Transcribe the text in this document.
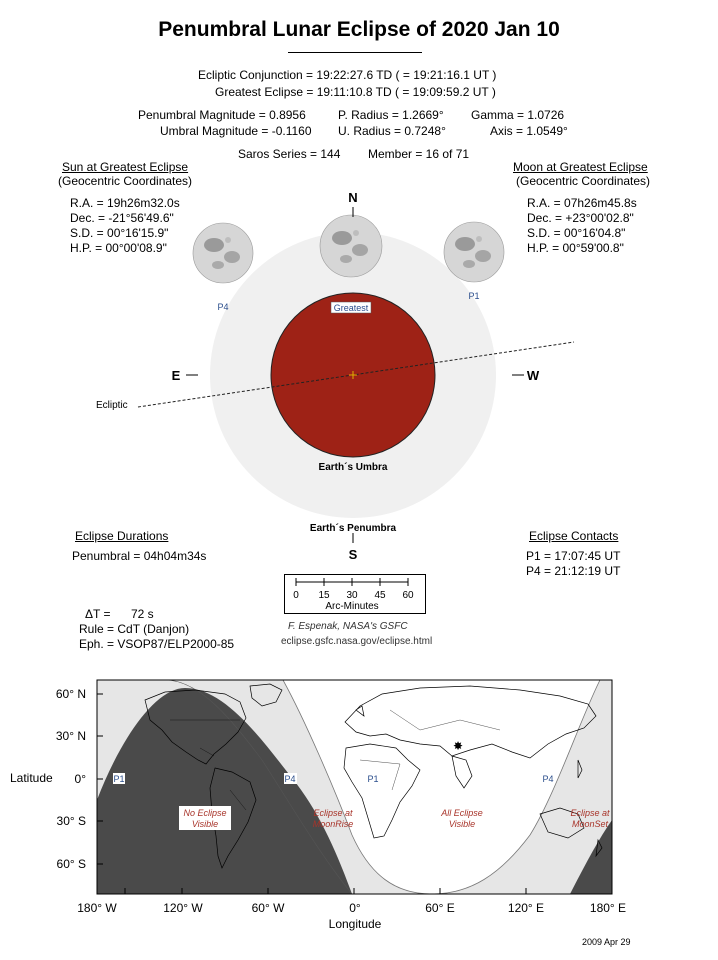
Penumbral Lunar Eclipse of 2020 Jan 10
Ecliptic Conjunction = 19:22:27.6 TD ( = 19:21:16.1 UT )
Greatest Eclipse = 19:11:10.8 TD ( = 19:09:59.2 UT )
Penumbral Magnitude = 0.8956
Umbral Magnitude = -0.1160
P. Radius = 1.2669°
U. Radius = 0.7248°
Gamma = 1.0726
Axis = 1.0549°
Saros Series = 144 Member = 16 of 71
Sun at Greatest Eclipse
(Geocentric Coordinates)
R.A. = 19h26m32.0s
Dec. = -21°56'49.6"
S.D. = 00°16'15.9"
H.P. = 00°00'08.9"
Moon at Greatest Eclipse
(Geocentric Coordinates)
R.A. = 07h26m45.8s
Dec. = +23°00'02.8"
S.D. = 00°16'04.8"
H.P. = 00°59'00.8"
N
S
E	W
Ecliptic
P4
P1
Greatest
Earth´s Umbra
Earth´s Penumbra
Eclipse Durations
Penumbral = 04h04m34s
Eclipse Contacts
P1 = 17:07:45 UT
P4 = 21:12:19 UT
0 15 30 45 60
Arc-Minutes
ΔT = 72 s
Rule = CdT (Danjon)
Eph. = VSOP87/ELP2000-85
F. Espenak, NASA's GSFC
eclipse.gsfc.nasa.gov/eclipse.html
✸
60° N
30° N
0°
30° S
60° S
180° W	120° W	60° W	0°	60° E	120° E	180° E
Latitude
Longitude
P1	P4	P1	P4
No Eclipse
Visible
Eclipse at
MoonRise
All Eclipse
Visible
Eclipse at
MoonSet
2009 Apr 29
